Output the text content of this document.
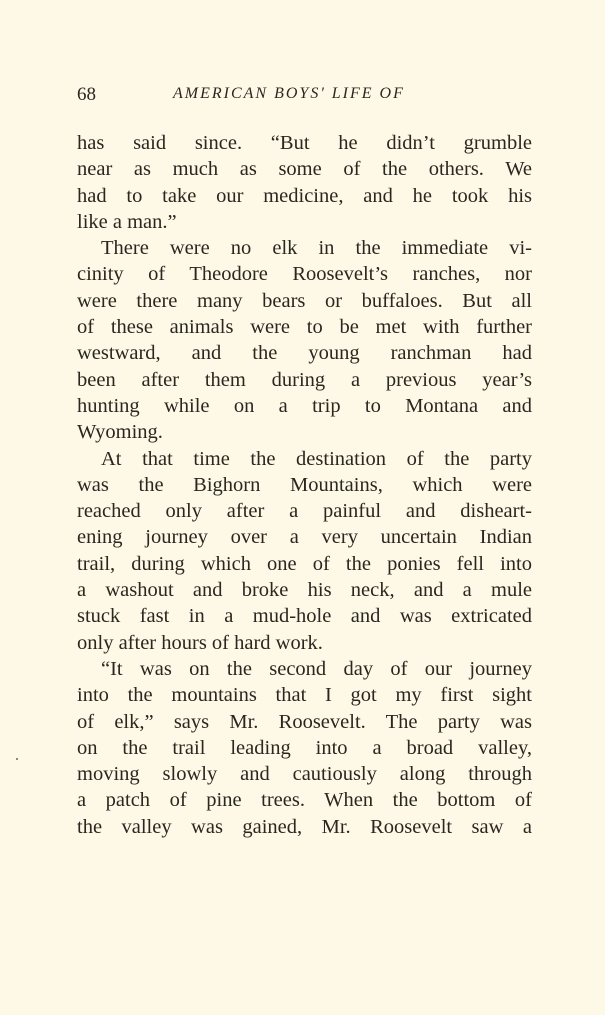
68	AMERICAN BOYS' LIFE OF
has said since. “But he didn’t grumble
near as much as some of the others. We
had to take our medicine, and he took his
like a man.”
There were no elk in the immediate vi-
cinity of Theodore Roosevelt’s ranches, nor
were there many bears or buffaloes. But all
of these animals were to be met with further
westward, and the young ranchman had
been after them during a previous year’s
hunting while on a trip to Montana and
Wyoming.
At that time the destination of the party
was the Bighorn Mountains, which were
reached only after a painful and disheart-
ening journey over a very uncertain Indian
trail, during which one of the ponies fell into
a washout and broke his neck, and a mule
stuck fast in a mud-hole and was extricated
only after hours of hard work.
“It was on the second day of our journey
into the mountains that I got my first sight
of elk,” says Mr. Roosevelt. The party was
on the trail leading into a broad valley,
moving slowly and cautiously along through
a patch of pine trees. When the bottom of
the valley was gained, Mr. Roosevelt saw a
